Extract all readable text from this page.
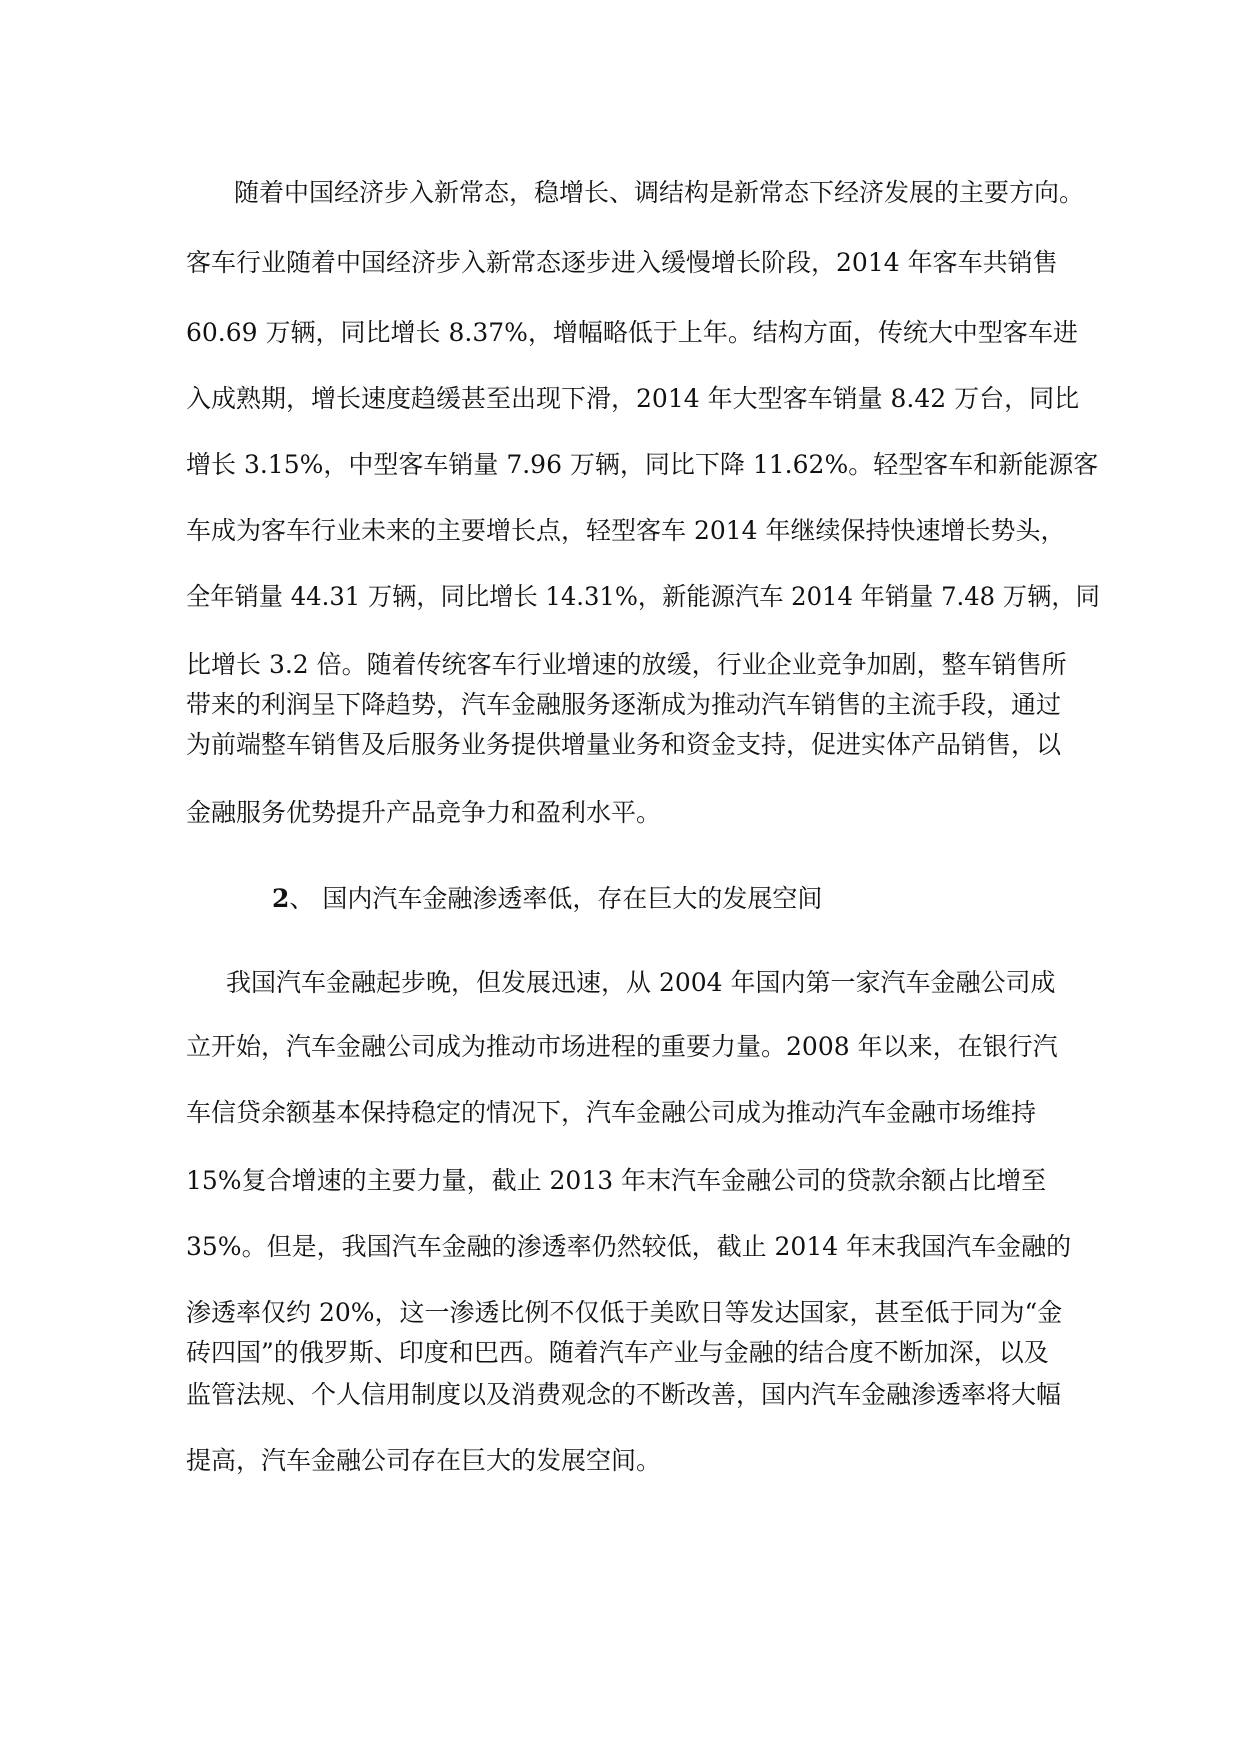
随着中国经济步入新常态，稳增长、调结构是新常态下经济发展的主要方向。
客车行业随着中国经济步入新常态逐步进入缓慢增长阶段，2014 年客车共销售
60.69 万辆，同比增长 8.37%，增幅略低于上年。结构方面，传统大中型客车进
入成熟期，增长速度趋缓甚至出现下滑，2014 年大型客车销量 8.42 万台，同比
增长 3.15%，中型客车销量 7.96 万辆，同比下降 11.62%。轻型客车和新能源客
车成为客车行业未来的主要增长点，轻型客车 2014 年继续保持快速增长势头，
全年销量 44.31 万辆，同比增长 14.31%，新能源汽车 2014 年销量 7.48 万辆，同
比增长 3.2 倍。随着传统客车行业增速的放缓，行业企业竞争加剧，整车销售所
带来的利润呈下降趋势，汽车金融服务逐渐成为推动汽车销售的主流手段，通过
为前端整车销售及后服务业务提供增量业务和资金支持，促进实体产品销售，以
金融服务优势提升产品竞争力和盈利水平。
2、 国内汽车金融渗透率低，存在巨大的发展空间
我国汽车金融起步晚，但发展迅速，从 2004 年国内第一家汽车金融公司成
立开始，汽车金融公司成为推动市场进程的重要力量。2008 年以来，在银行汽
车信贷余额基本保持稳定的情况下，汽车金融公司成为推动汽车金融市场维持
15%复合增速的主要力量，截止 2013 年末汽车金融公司的贷款余额占比增至
35%。但是，我国汽车金融的渗透率仍然较低，截止 2014 年末我国汽车金融的
渗透率仅约 20%，这一渗透比例不仅低于美欧日等发达国家，甚至低于同为“金
砖四国”的俄罗斯、印度和巴西。随着汽车产业与金融的结合度不断加深，以及
监管法规、个人信用制度以及消费观念的不断改善，国内汽车金融渗透率将大幅
提高，汽车金融公司存在巨大的发展空间。
